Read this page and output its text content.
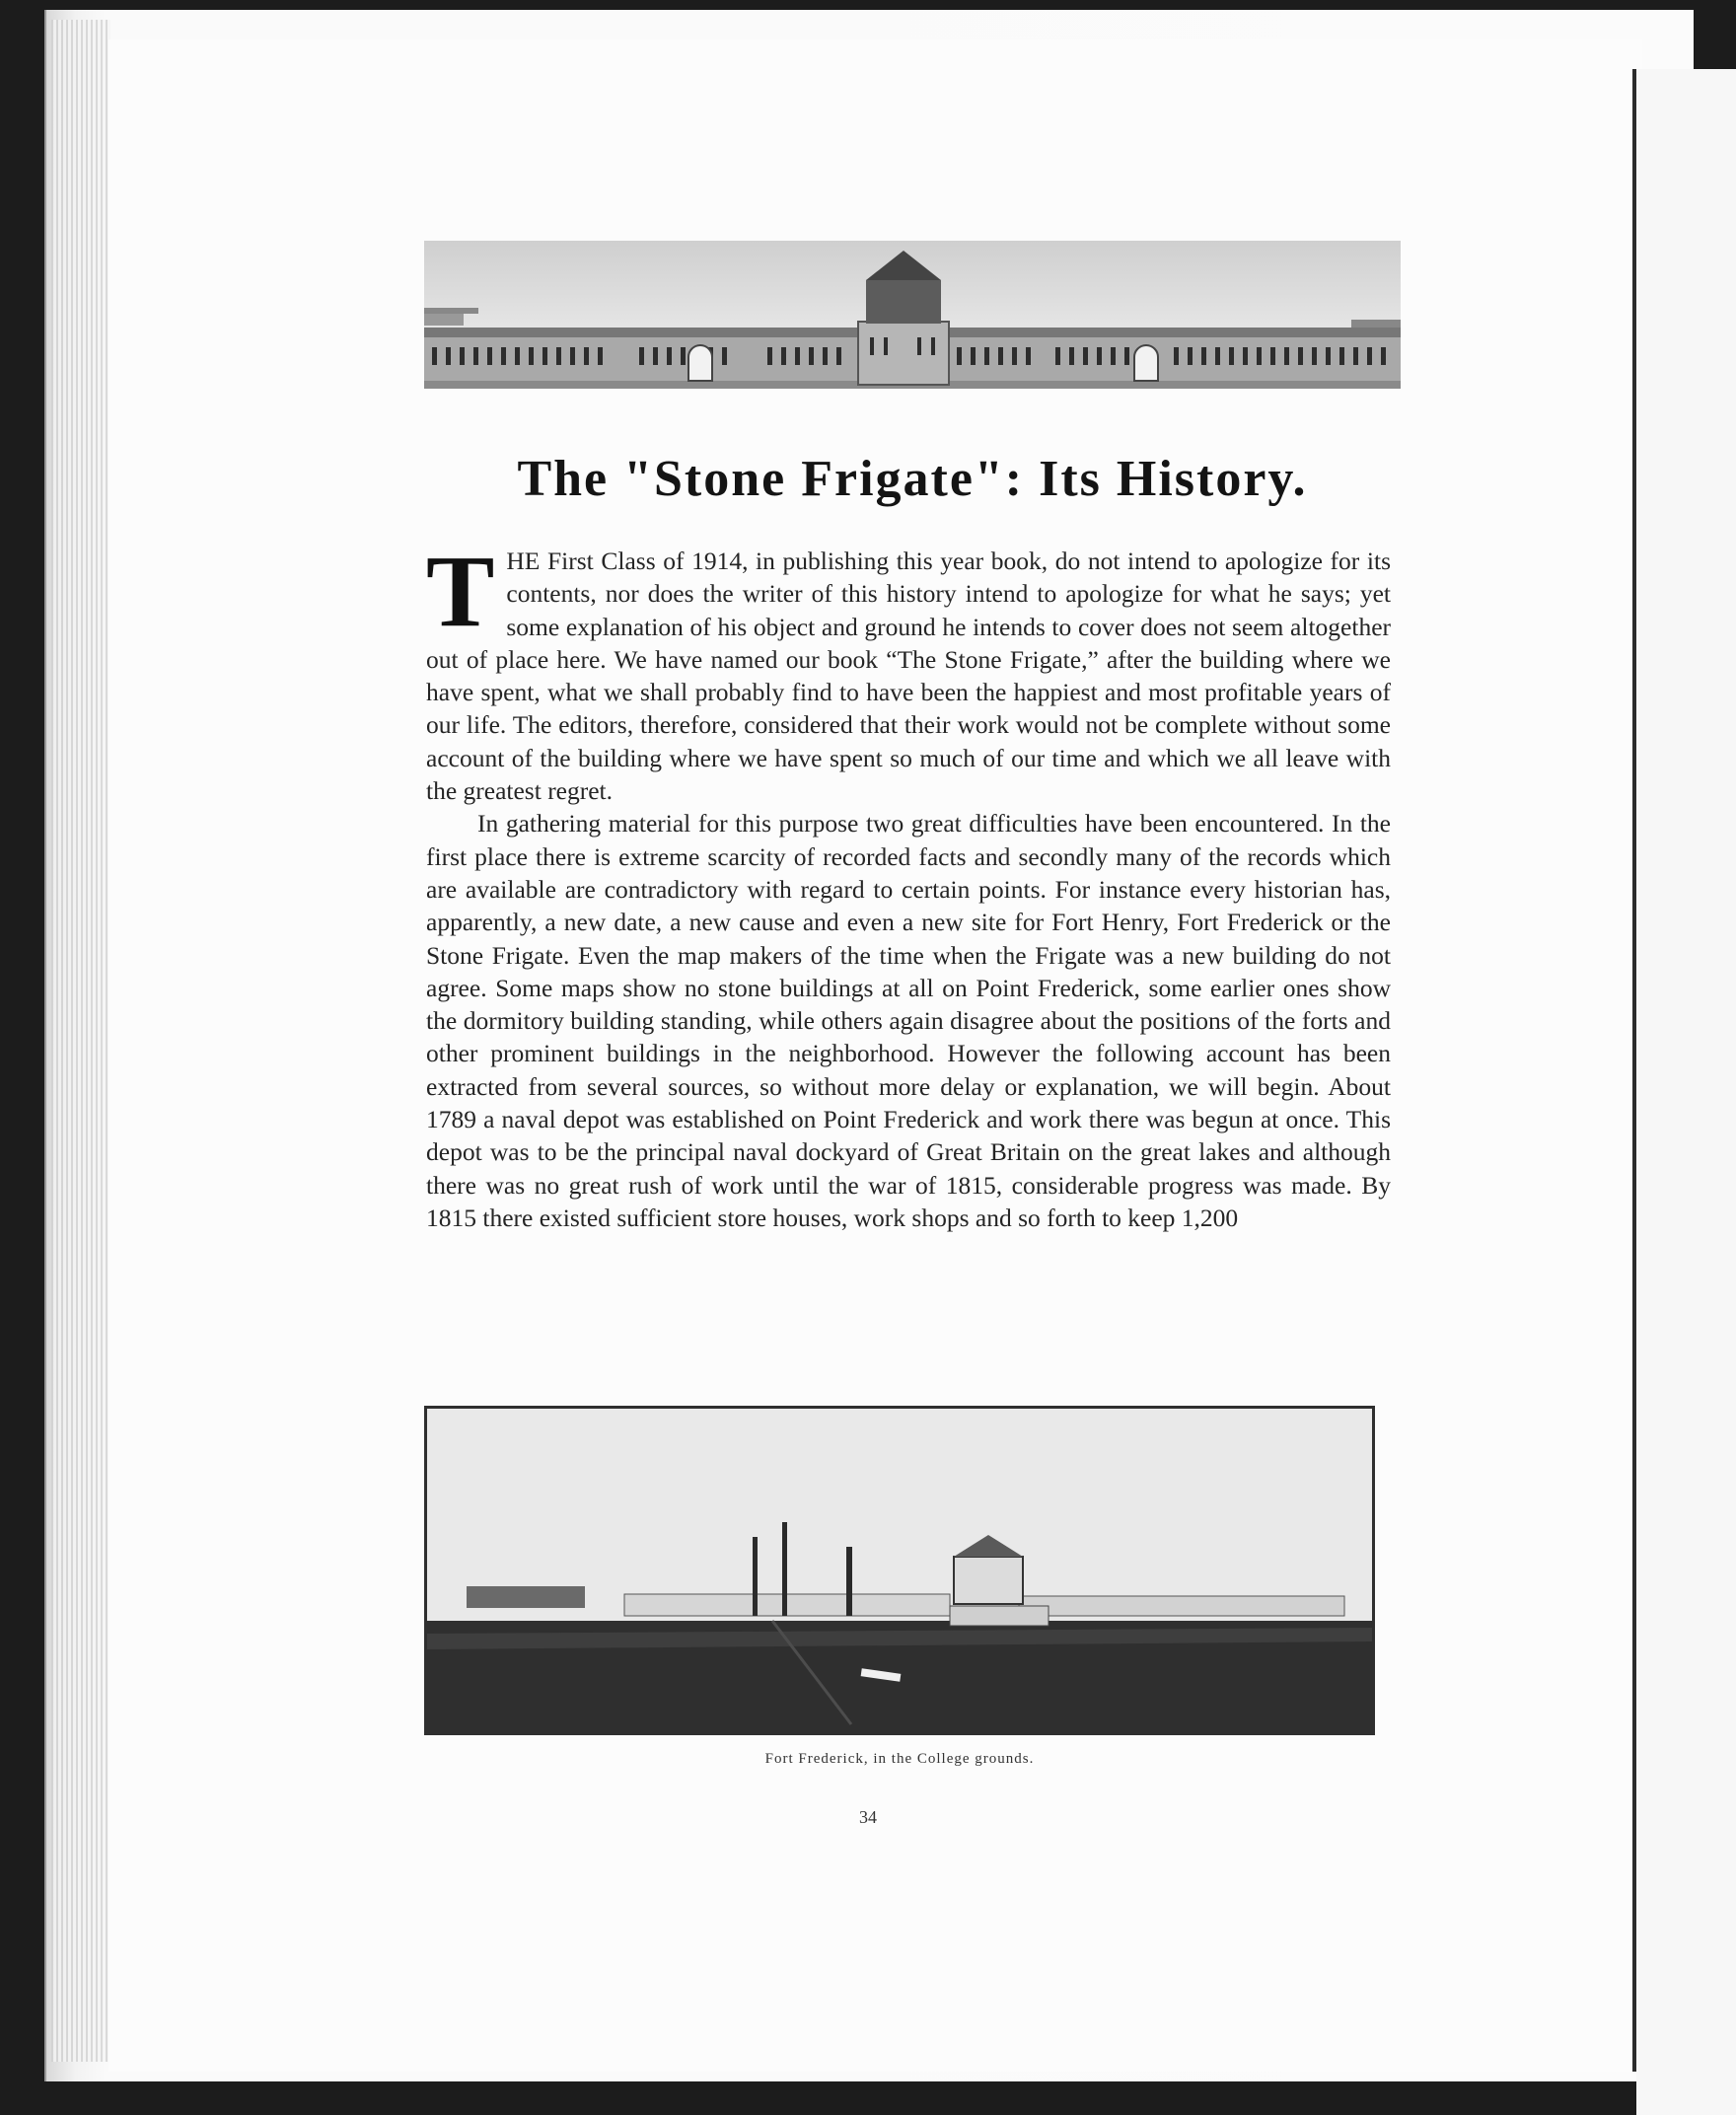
The "Stone Frigate": Its History.

THE First Class of 1914, in publishing this year book, do not intend to apologize for its contents, nor does the writer of this history intend to apologize for what he says; yet some explanation of his object and ground he intends to cover does not seem altogether out of place here. We have named our book “The Stone Frigate,” after the building where we have spent, what we shall probably find to have been the happiest and most profitable years of our life. The editors, therefore, considered that their work would not be complete without some account of the building where we have spent so much of our time and which we all leave with the greatest regret.

In gathering material for this purpose two great difficulties have been encountered. In the first place there is extreme scarcity of recorded facts and secondly many of the records which are available are contradictory with regard to certain points. For instance every historian has, apparently, a new date, a new cause and even a new site for Fort Henry, Fort Frederick or the Stone Frigate. Even the map makers of the time when the Frigate was a new building do not agree. Some maps show no stone buildings at all on Point Frederick, some earlier ones show the dormitory building standing, while others again disagree about the positions of the forts and other prominent buildings in the neighborhood. However the following account has been extracted from several sources, so without more delay or explanation, we will begin. About 1789 a naval depot was established on Point Frederick and work there was begun at once. This depot was to be the principal naval dockyard of Great Britain on the great lakes and although there was no great rush of work until the war of 1815, considerable progress was made. By 1815 there existed sufficient store houses, work shops and so forth to keep 1,200

Fort Frederick, in the College grounds.
34
